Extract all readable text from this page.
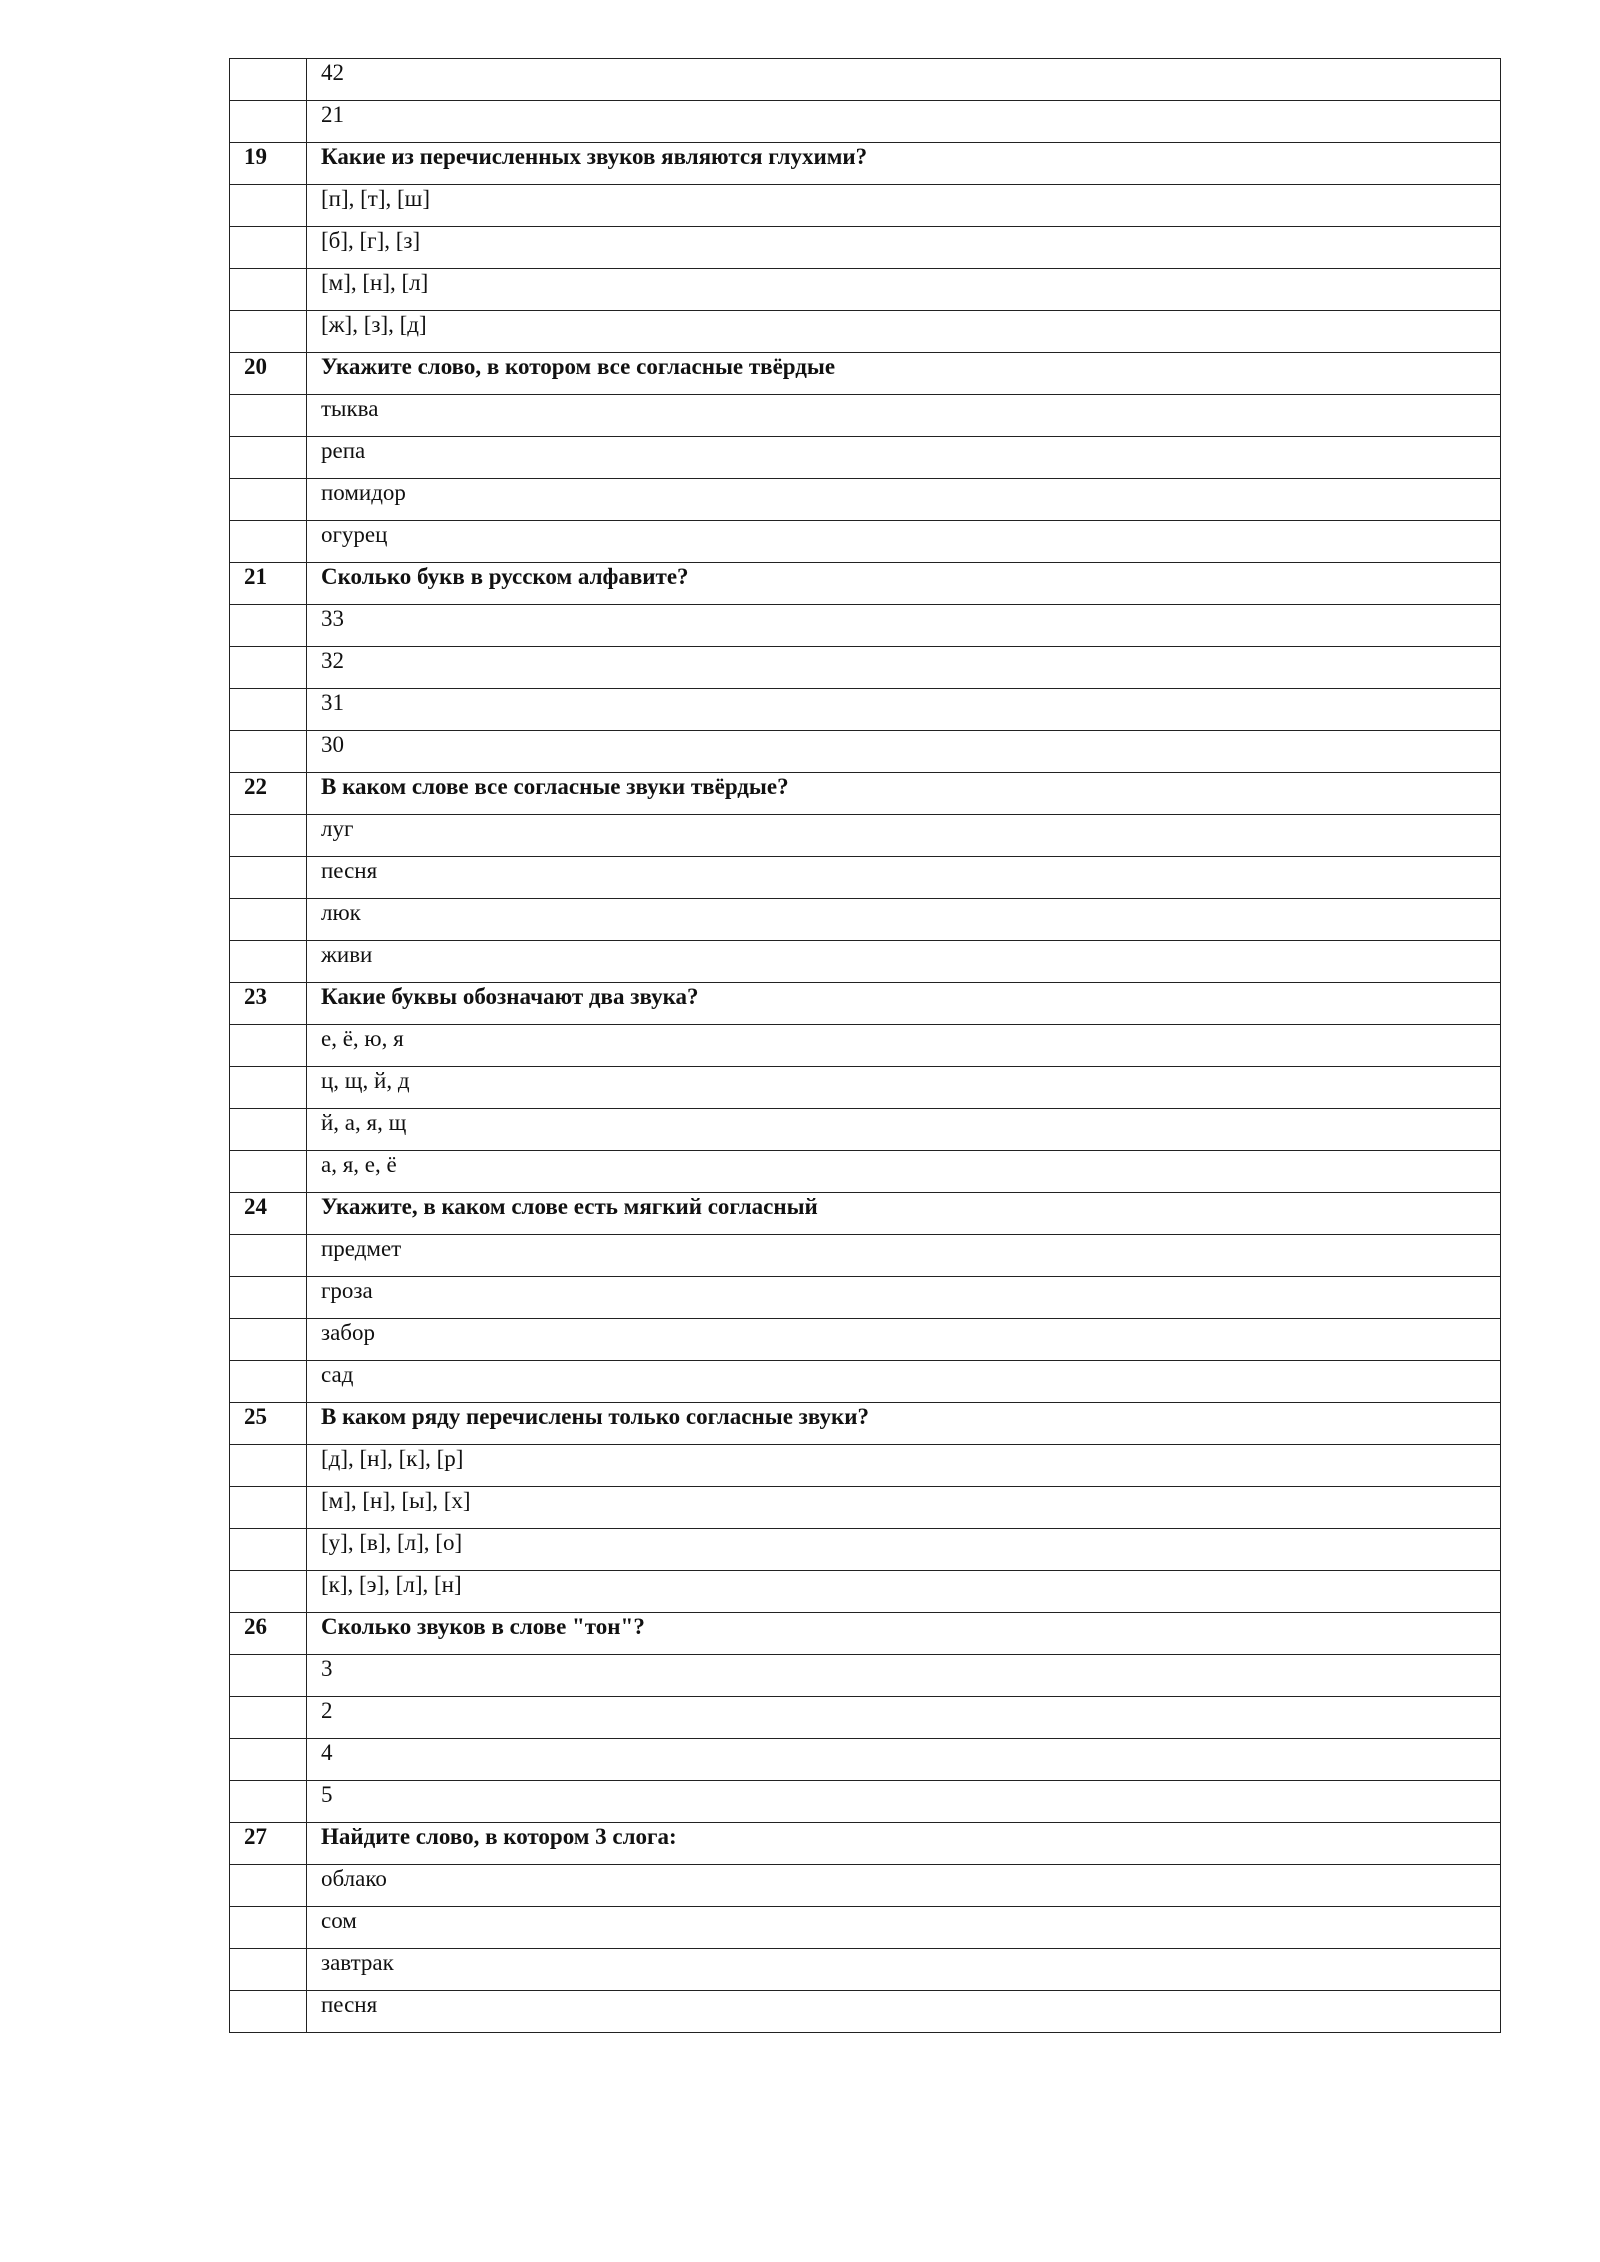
	42
	21
19	Какие из перечисленных звуков являются глухими?
	[п], [т], [ш]
	[б], [г], [з]
	[м], [н], [л]
	[ж], [з], [д]
20	Укажите слово, в котором все согласные твёрдые
	тыква
	репа
	помидор
	огурец
21	Сколько букв в русском алфавите?
	33
	32
	31
	30
22	В каком слове все согласные звуки твёрдые?
	луг
	песня
	люк
	живи
23	Какие буквы обозначают два звука?
	е, ё, ю, я
	ц, щ, й, д
	й, а, я, щ
	а, я, е, ё
24	Укажите, в каком слове есть мягкий согласный
	предмет
	гроза
	забор
	сад
25	В каком ряду перечислены только согласные звуки?
	[д], [н], [к], [р]
	[м], [н], [ы], [х]
	[у], [в], [л], [о]
	[к], [э], [л], [н]
26	Сколько звуков в слове "тон"?
	3
	2
	4
	5
27	Найдите слово, в котором 3 слога:
	облако
	сом
	завтрак
	песня
